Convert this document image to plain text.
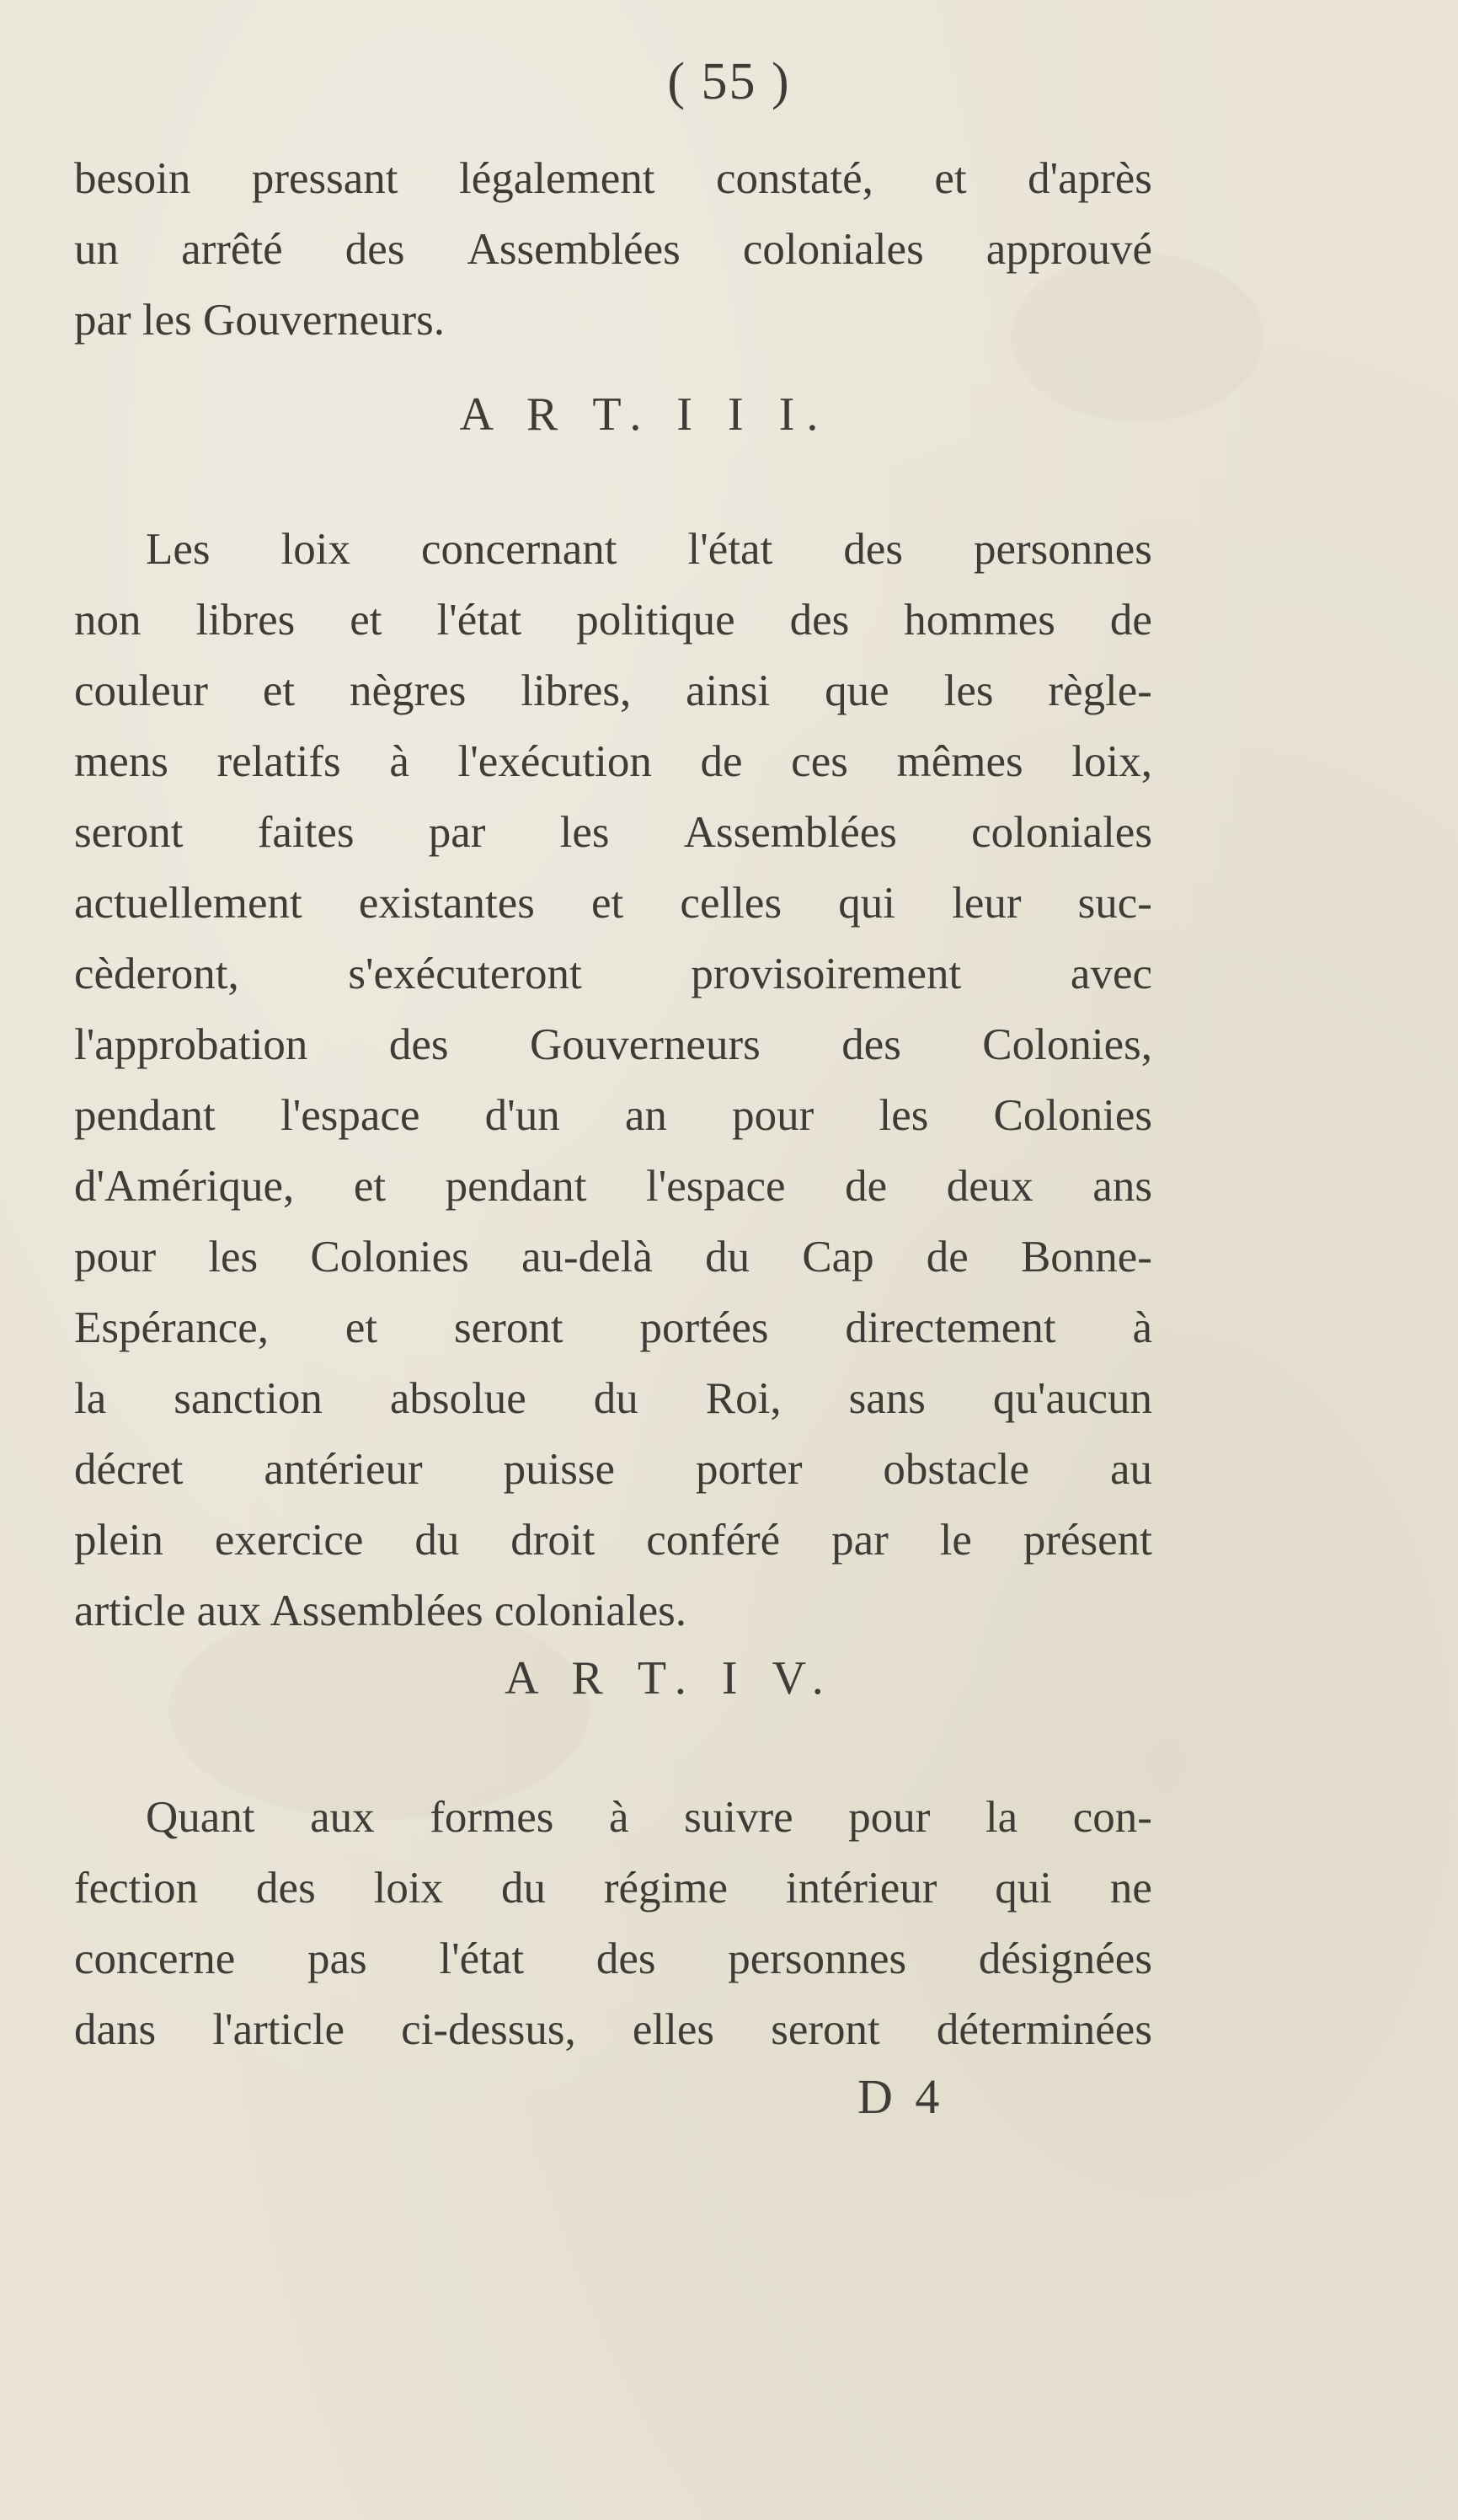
( 55 )
besoin pressant légalement constaté, et d'après
un arrêté des Assemblées coloniales approuvé
par les Gouverneurs.
A R T. I I I.
Les loix concernant l'état des personnes
non libres et l'état politique des hommes de
couleur et nègres libres, ainsi que les règle-
mens relatifs à l'exécution de ces mêmes loix,
seront faites par les Assemblées coloniales
actuellement existantes et celles qui leur suc-
cèderont, s'exécuteront provisoirement avec
l'approbation des Gouverneurs des Colonies,
pendant l'espace d'un an pour les Colonies
d'Amérique, et pendant l'espace de deux ans
pour les Colonies au-delà du Cap de Bonne-
Espérance, et seront portées directement à
la sanction absolue du Roi, sans qu'aucun
décret antérieur puisse porter obstacle au
plein exercice du droit conféré par le présent
article aux Assemblées coloniales.
A R T. I V.
Quant aux formes à suivre pour la con-
fection des loix du régime intérieur qui ne
concerne pas l'état des personnes désignées
dans l'article ci-dessus, elles seront déterminées
D 4
